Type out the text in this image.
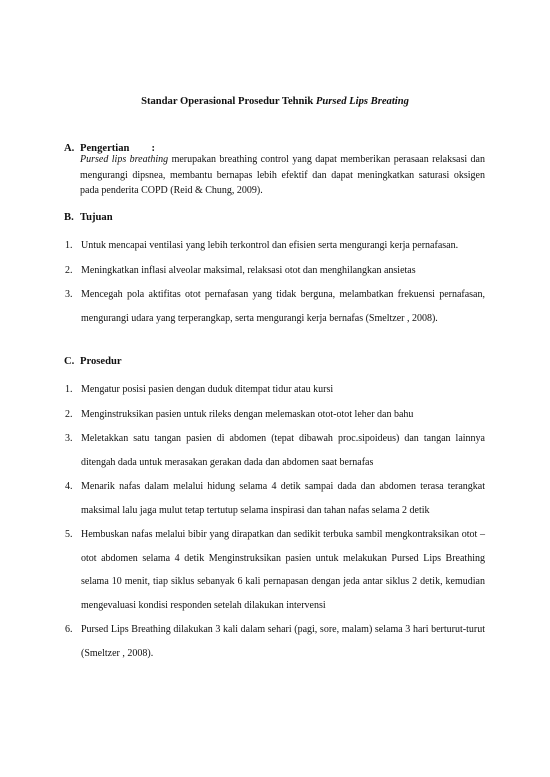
Standar Operasional Prosedur Tehnik Pursed Lips Breating
A. Pengertian :
Pursed lips breathing merupakan breathing control yang dapat memberikan perasaan relaksasi dan mengurangi dipsnea, membantu bernapas lebih efektif dan dapat meningkatkan saturasi oksigen pada penderita COPD (Reid & Chung, 2009).
B. Tujuan
1. Untuk mencapai ventilasi yang lebih terkontrol dan efisien serta mengurangi kerja pernafasan.
2. Meningkatkan inflasi alveolar maksimal, relaksasi otot dan menghilangkan ansietas
3. Mencegah pola aktifitas otot pernafasan yang tidak berguna, melambatkan frekuensi pernafasan, mengurangi udara yang terperangkap, serta mengurangi kerja bernafas (Smeltzer , 2008).
C. Prosedur
1. Mengatur posisi pasien dengan duduk ditempat tidur atau kursi
2. Menginstruksikan pasien untuk rileks dengan melemaskan otot-otot leher dan bahu
3. Meletakkan satu tangan pasien di abdomen (tepat dibawah proc.sipoideus) dan tangan lainnya ditengah dada untuk merasakan gerakan dada dan abdomen saat bernafas
4. Menarik nafas dalam melalui hidung selama 4 detik sampai dada dan abdomen terasa terangkat maksimal lalu jaga mulut tetap tertutup selama inspirasi dan tahan nafas selama 2 detik
5. Hembuskan nafas melalui bibir yang dirapatkan dan sedikit terbuka sambil mengkontraksikan otot – otot abdomen selama 4 detik Menginstruksikan pasien untuk melakukan Pursed Lips Breathing selama 10 menit, tiap siklus sebanyak 6 kali pernapasan dengan jeda antar siklus 2 detik, kemudian mengevaluasi kondisi responden setelah dilakukan intervensi
6. Pursed Lips Breathing dilakukan 3 kali dalam sehari (pagi, sore, malam) selama 3 hari berturut-turut (Smeltzer , 2008).
